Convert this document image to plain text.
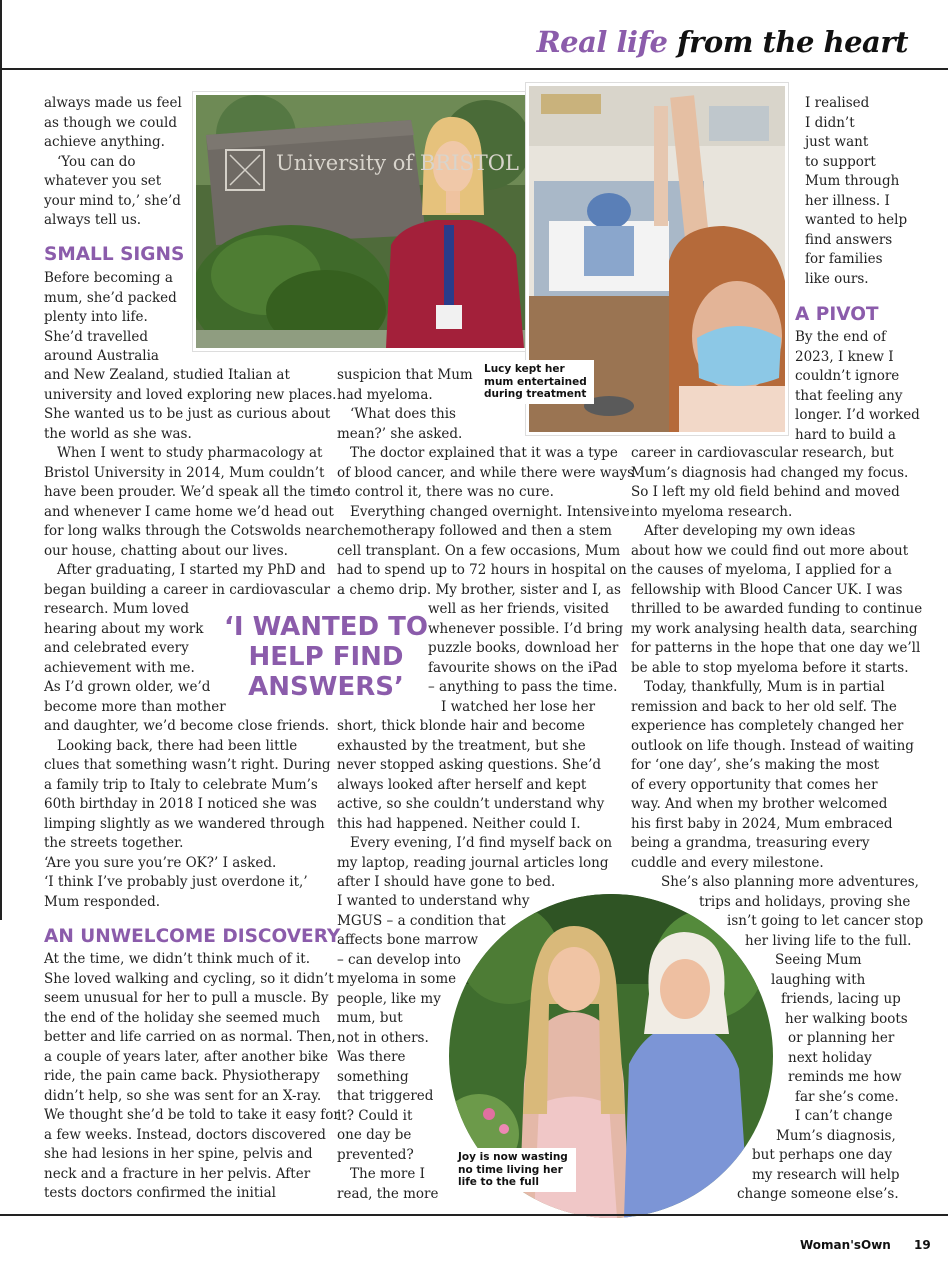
Real life from the heart
University of BRISTOL
Lucy kept her mum entertained during treatment
Joy is now wasting no time living her life to the full
‘I WANTED TO HELP FIND ANSWERS’
Woman'sOwn 19
always made us feel
as though we could
achieve anything.
‘You can do
whatever you set
your mind to,’ she’d
always tell us.
SMALL SIGNS
Before becoming a
mum, she’d packed
plenty into life.
She’d travelled
around Australia
and New Zealand, studied Italian at
university and loved exploring new places.
She wanted us to be just as curious about
the world as she was.
When I went to study pharmacology at
Bristol University in 2014, Mum couldn’t
have been prouder. We’d speak all the time
and whenever I came home we’d head out
for long walks through the Cotswolds near
our house, chatting about our lives.
After graduating, I started my PhD and
began building a career in cardiovascular
research. Mum loved
hearing about my work
and celebrated every
achievement with me.
As I’d grown older, we’d
become more than mother
and daughter, we’d become close friends.
Looking back, there had been little
clues that something wasn’t right. During
a family trip to Italy to celebrate Mum’s
60th birthday in 2018 I noticed she was
limping slightly as we wandered through
the streets together.
‘Are you sure you’re OK?’ I asked.
‘I think I’ve probably just overdone it,’
Mum responded.
AN UNWELCOME DISCOVERY
At the time, we didn’t think much of it.
She loved walking and cycling, so it didn’t
seem unusual for her to pull a muscle. By
the end of the holiday she seemed much
better and life carried on as normal. Then,
a couple of years later, after another bike
ride, the pain came back. Physiotherapy
didn’t help, so she was sent for an X-ray.
We thought she’d be told to take it easy for
a few weeks. Instead, doctors discovered
she had lesions in her spine, pelvis and
neck and a fracture in her pelvis. After
tests doctors confirmed the initial
suspicion that Mum
had myeloma.
‘What does this
mean?’ she asked.
The doctor explained that it was a type
of blood cancer, and while there were ways
to control it, there was no cure.
Everything changed overnight. Intensive
chemotherapy followed and then a stem
cell transplant. On a few occasions, Mum
had to spend up to 72 hours in hospital on
a chemo drip. My brother, sister and I, as
well as her friends, visited
whenever possible. I’d bring
puzzle books, download her
favourite shows on the iPad
– anything to pass the time.
I watched her lose her
short, thick blonde hair and become
exhausted by the treatment, but she
never stopped asking questions. She’d
always looked after herself and kept
active, so she couldn’t understand why
this had happened. Neither could I.
Every evening, I’d find myself back on
my laptop, reading journal articles long
after I should have gone to bed.
I wanted to understand why
MGUS – a condition that
affects bone marrow
– can develop into
myeloma in some
people, like my
mum, but
not in others.
Was there
something
that triggered
it? Could it
one day be
prevented?
The more I
read, the more
I realised
I didn’t
just want
to support
Mum through
her illness. I
wanted to help
find answers
for families
like ours.
A PIVOT
By the end of
2023, I knew I
couldn’t ignore
that feeling any
longer. I’d worked
hard to build a
career in cardiovascular research, but
Mum’s diagnosis had changed my focus.
So I left my old field behind and moved
into myeloma research.
After developing my own ideas
about how we could find out more about
the causes of myeloma, I applied for a
fellowship with Blood Cancer UK. I was
thrilled to be awarded funding to continue
my work analysing health data, searching
for patterns in the hope that one day we’ll
be able to stop myeloma before it starts.
Today, thankfully, Mum is in partial
remission and back to her old self. The
experience has completely changed her
outlook on life though. Instead of waiting
for ‘one day’, she’s making the most
of every opportunity that comes her
way. And when my brother welcomed
his first baby in 2024, Mum embraced
being a grandma, treasuring every
cuddle and every milestone.
She’s also planning more adventures,
trips and holidays, proving she
isn’t going to let cancer stop
her living life to the full.
Seeing Mum
laughing with
friends, lacing up
her walking boots
or planning her
next holiday
reminds me how
far she’s come.
I can’t change
Mum’s diagnosis,
but perhaps one day
my research will help
change someone else’s.
